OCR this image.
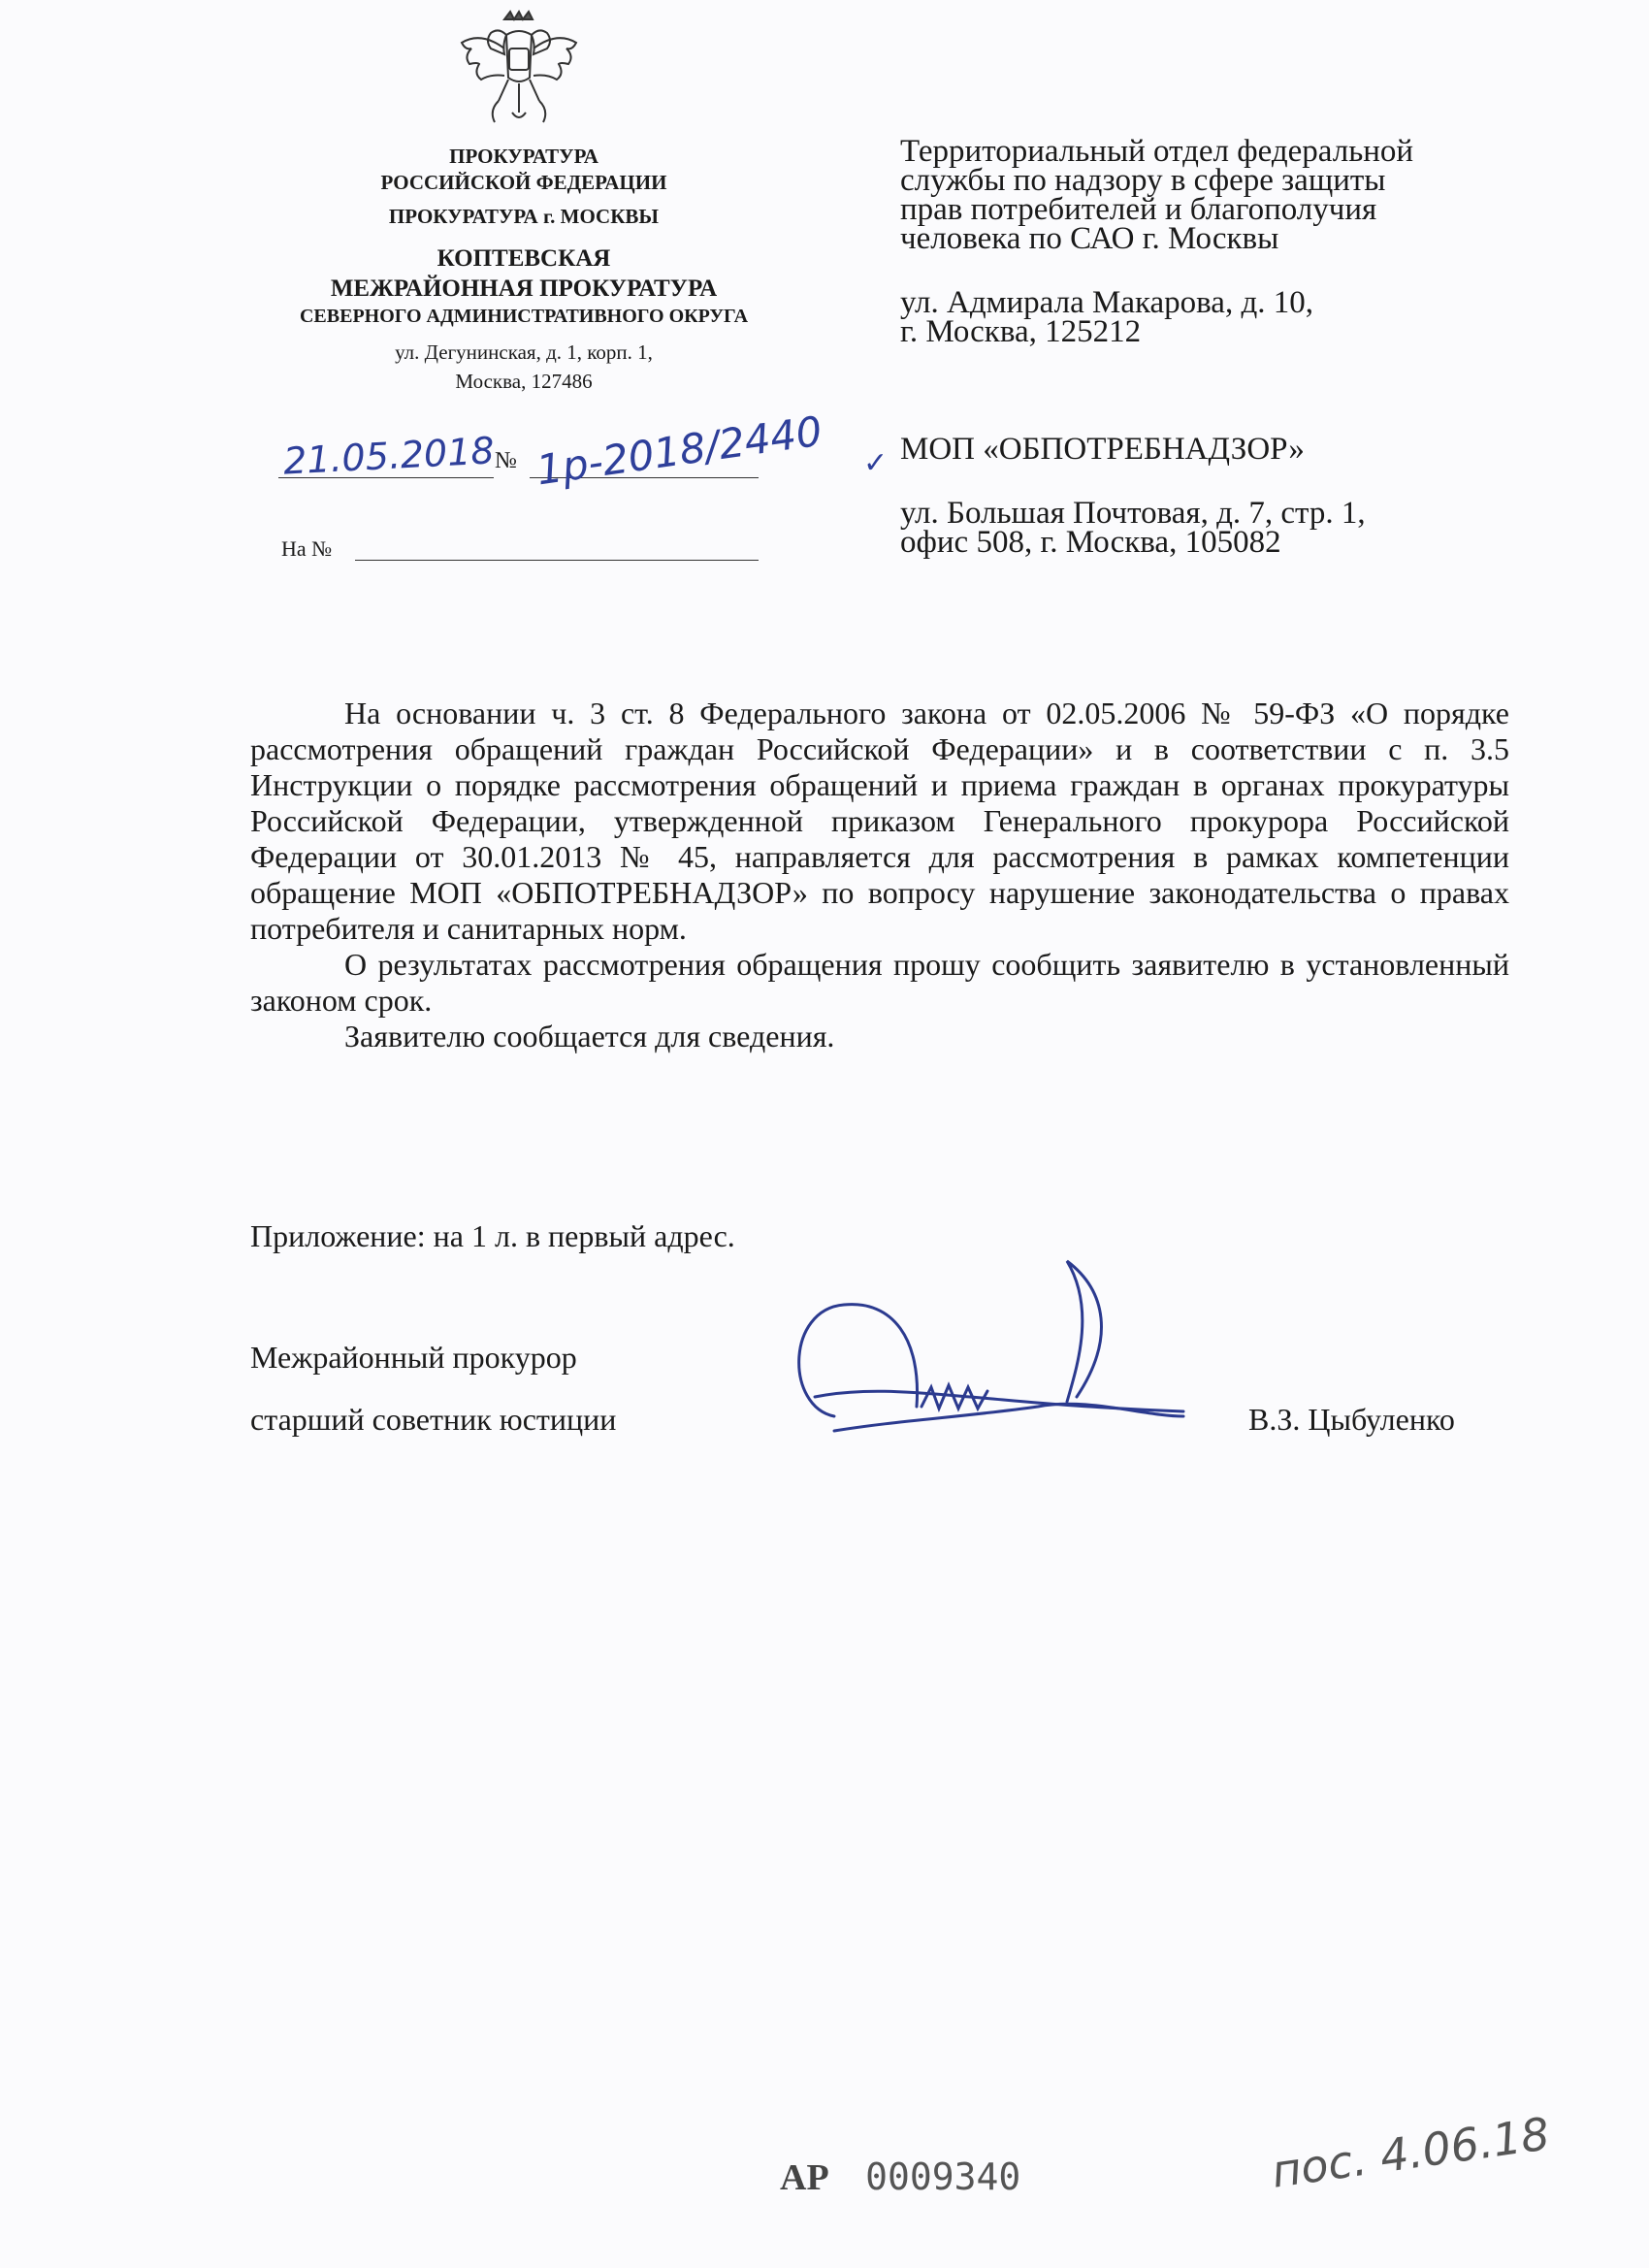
ПРОКУРАТУРА
РОССИЙСКОЙ ФЕДЕРАЦИИ
ПРОКУРАТУРА г. МОСКВЫ
КОПТЕВСКАЯ
МЕЖРАЙОННАЯ ПРОКУРАТУРА
СЕВЕРНОГО АДМИНИСТРАТИВНОГО ОКРУГА
ул. Дегунинская, д. 1, корп. 1,
Москва, 127486
21.05.2018 № 1р-2018/2440
На №
Территориальный отдел федеральной
службы по надзору в сфере защиты
прав потребителей и благополучия
человека по САО г. Москвы
ул. Адмирала Макарова, д. 10,
г. Москва, 125212
МОП «ОБПОТРЕБНАДЗОР»
ул. Большая Почтовая, д. 7, стр. 1,
офис 508, г. Москва, 105082
✓

На основании ч. 3 ст. 8 Федерального закона от 02.05.2006 № 59-ФЗ «О порядке рассмотрения обращений граждан Российской Федерации» и в соответствии с п. 3.5 Инструкции о порядке рассмотрения обращений и приема граждан в органах прокуратуры Российской Федерации, утвержденной приказом Генерального прокурора Российской Федерации от 30.01.2013 № 45, направляется для рассмотрения в рамках компетенции обращение МОП «ОБПОТРЕБНАДЗОР» по вопросу нарушение законодательства о правах потребителя и санитарных норм.

О результатах рассмотрения обращения прошу сообщить заявителю в установленный законом срок.

Заявителю сообщается для сведения.

Приложение: на 1 л. в первый адрес.
Межрайонный прокурор
старший советник юстиции	В.З. Цыбуленко
АР 0009340	пос. 4.06.18
